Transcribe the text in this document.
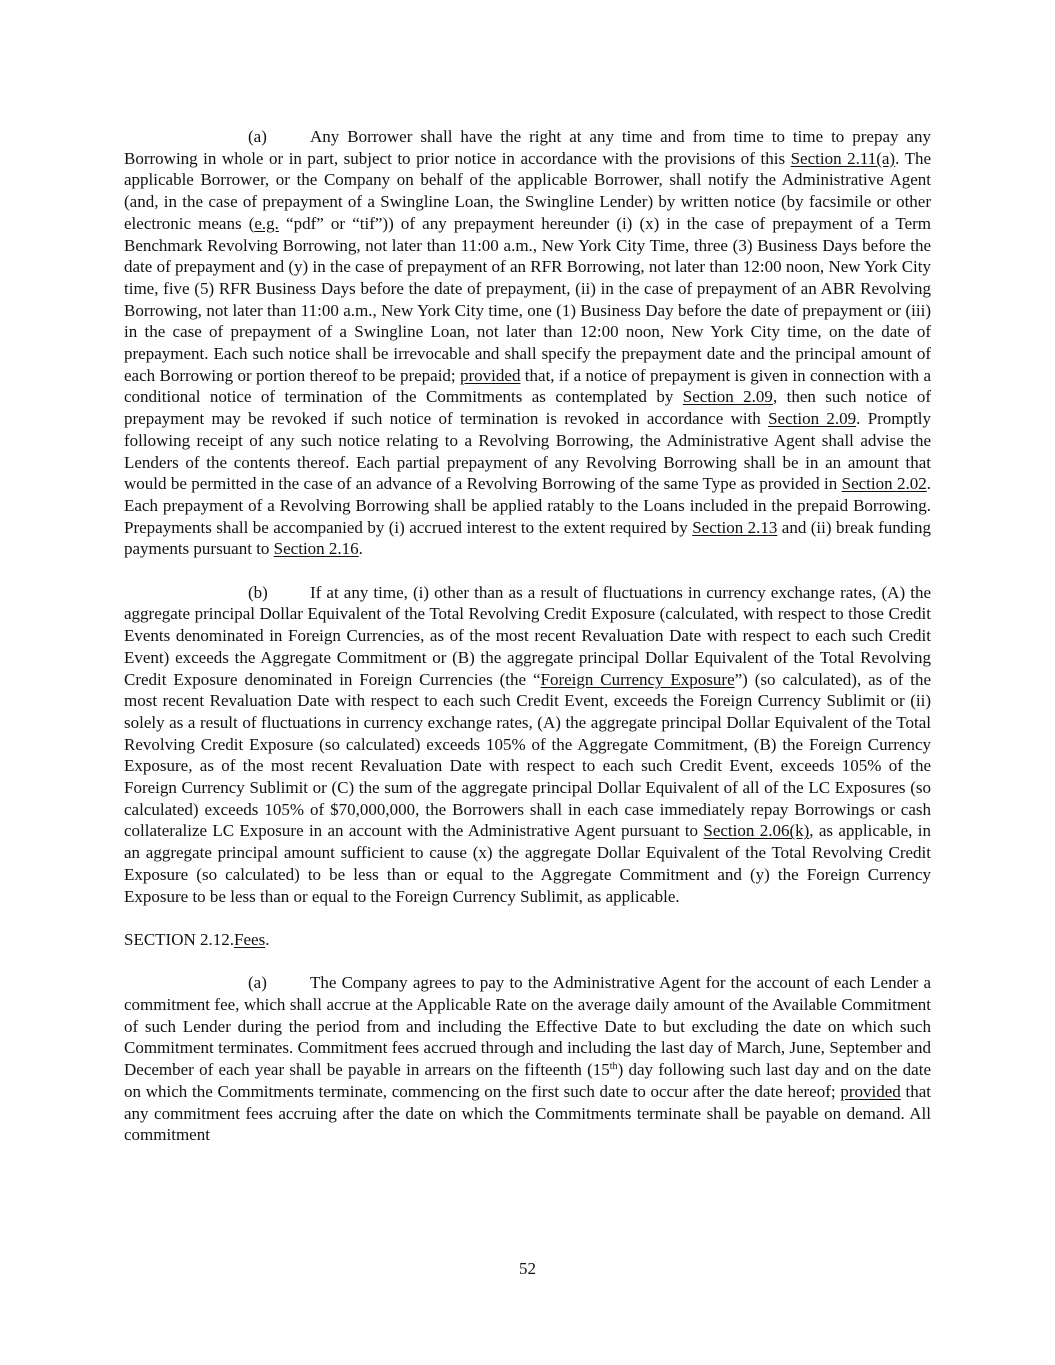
(a)	Any Borrower shall have the right at any time and from time to time to prepay any Borrowing in whole or in part, subject to prior notice in accordance with the provisions of this Section 2.11(a). The applicable Borrower, or the Company on behalf of the applicable Borrower, shall notify the Administrative Agent (and, in the case of prepayment of a Swingline Loan, the Swingline Lender) by written notice (by facsimile or other electronic means (e.g. “pdf” or “tif”)) of any prepayment hereunder (i) (x) in the case of prepayment of a Term Benchmark Revolving Borrowing, not later than 11:00 a.m., New York City Time, three (3) Business Days before the date of prepayment and (y) in the case of prepayment of an RFR Borrowing, not later than 12:00 noon, New York City time, five (5) RFR Business Days before the date of prepayment, (ii) in the case of prepayment of an ABR Revolving Borrowing, not later than 11:00 a.m., New York City time, one (1) Business Day before the date of prepayment or (iii) in the case of prepayment of a Swingline Loan, not later than 12:00 noon, New York City time, on the date of prepayment. Each such notice shall be irrevocable and shall specify the prepayment date and the principal amount of each Borrowing or portion thereof to be prepaid; provided that, if a notice of prepayment is given in connection with a conditional notice of termination of the Commitments as contemplated by Section 2.09, then such notice of prepayment may be revoked if such notice of termination is revoked in accordance with Section 2.09. Promptly following receipt of any such notice relating to a Revolving Borrowing, the Administrative Agent shall advise the Lenders of the contents thereof. Each partial prepayment of any Revolving Borrowing shall be in an amount that would be permitted in the case of an advance of a Revolving Borrowing of the same Type as provided in Section 2.02. Each prepayment of a Revolving Borrowing shall be applied ratably to the Loans included in the prepaid Borrowing. Prepayments shall be accompanied by (i) accrued interest to the extent required by Section 2.13 and (ii) break funding payments pursuant to Section 2.16.

(b) If at any time, (i) other than as a result of fluctuations in currency exchange rates, (A) the aggregate principal Dollar Equivalent of the Total Revolving Credit Exposure (calculated, with respect to those Credit Events denominated in Foreign Currencies, as of the most recent Revaluation Date with respect to each such Credit Event) exceeds the Aggregate Commitment or (B) the aggregate principal Dollar Equivalent of the Total Revolving Credit Exposure denominated in Foreign Currencies (the “Foreign Currency Exposure”) (so calculated), as of the most recent Revaluation Date with respect to each such Credit Event, exceeds the Foreign Currency Sublimit or (ii) solely as a result of fluctuations in currency exchange rates, (A) the aggregate principal Dollar Equivalent of the Total Revolving Credit Exposure (so calculated) exceeds 105% of the Aggregate Commitment, (B) the Foreign Currency Exposure, as of the most recent Revaluation Date with respect to each such Credit Event, exceeds 105% of the Foreign Currency Sublimit or (C) the sum of the aggregate principal Dollar Equivalent of all of the LC Exposures (so calculated) exceeds 105% of $70,000,000, the Borrowers shall in each case immediately repay Borrowings or cash collateralize LC Exposure in an account with the Administrative Agent pursuant to Section 2.06(k), as applicable, in an aggregate principal amount sufficient to cause (x) the aggregate Dollar Equivalent of the Total Revolving Credit Exposure (so calculated) to be less than or equal to the Aggregate Commitment and (y) the Foreign Currency Exposure to be less than or equal to the Foreign Currency Sublimit, as applicable.

SECTION 2.12.Fees.

(a)	The Company agrees to pay to the Administrative Agent for the account of each Lender a commitment fee, which shall accrue at the Applicable Rate on the average daily amount of the Available Commitment of such Lender during the period from and including the Effective Date to but excluding the date on which such Commitment terminates. Commitment fees accrued through and including the last day of March, June, September and December of each year shall be payable in arrears on the fifteenth (15th) day following such last day and on the date on which the Commitments terminate, commencing on the first such date to occur after the date hereof; provided that any commitment fees accruing after the date on which the Commitments terminate shall be payable on demand. All commitment

52
